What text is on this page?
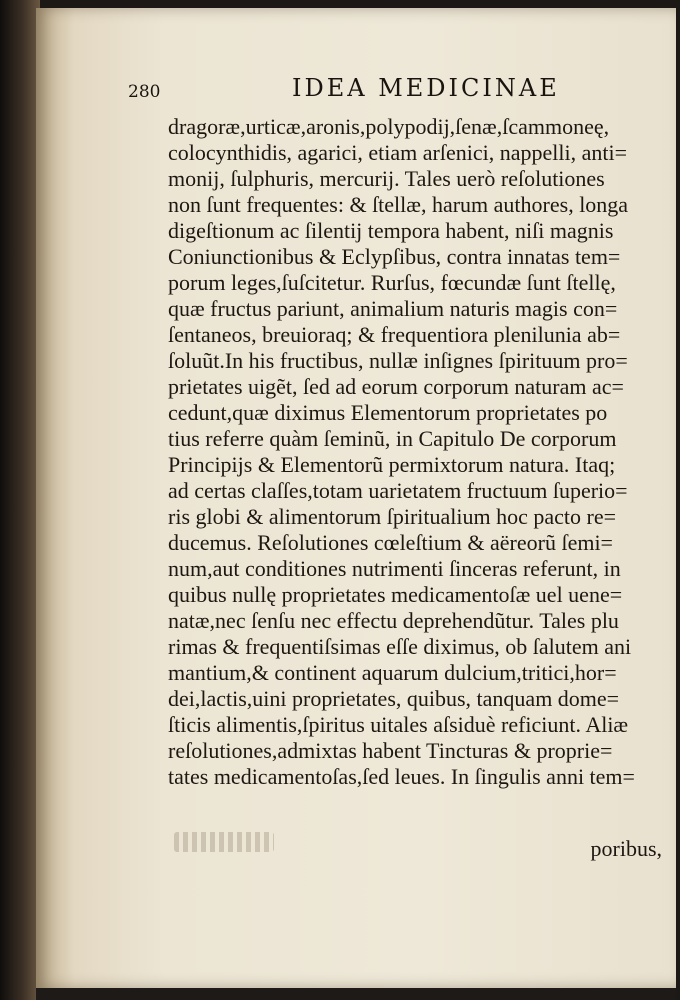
280	IDEA MEDICINAE
dragoræ,urticæ,aronis,polypodij,ſenæ,ſcammoneę,
colocynthidis, agarici, etiam arſenici, nappelli, anti=
monij, ſulphuris, mercurij. Tales uerò reſolutiones
non ſunt frequentes: & ſtellæ, harum authores, longa
digeſtionum ac ſilentij tempora habent, niſi magnis
Coniunctionibus & Eclypſibus, contra innatas tem=
porum leges,ſuſcitetur. Rurſus, fœcundæ ſunt ſtellę,
quæ fructus pariunt, animalium naturis magis con=
ſentaneos, breuioraq; & frequentiora plenilunia ab=
ſoluũt.In his fructibus, nullæ inſignes ſpirituum pro=
prietates uigẽt, ſed ad eorum corporum naturam ac=
cedunt,quæ diximus Elementorum proprietates po
tius referre quàm ſeminũ, in Capitulo De corporum
Principijs & Elementorũ permixtorum natura. Itaq;
ad certas claſſes,totam uarietatem fructuum ſuperio=
ris globi & alimentorum ſpiritualium hoc pacto re=
ducemus. Reſolutiones cœleſtium & aëreorũ ſemi=
num,aut conditiones nutrimenti ſinceras referunt, in
quibus nullę proprietates medicamentoſæ uel uene=
natæ,nec ſenſu nec effectu deprehendũtur. Tales plu
rimas & frequentiſsimas eſſe diximus, ob ſalutem ani
mantium,& continent aquarum dulcium,tritici,hor=
dei,lactis,uini proprietates, quibus, tanquam dome=
ſticis alimentis,ſpiritus uitales aſsiduè reficiunt. Aliæ
reſolutiones,admixtas habent Tincturas & proprie=
tates medicamentoſas,ſed leues. In ſingulis anni tem=
poribus,
